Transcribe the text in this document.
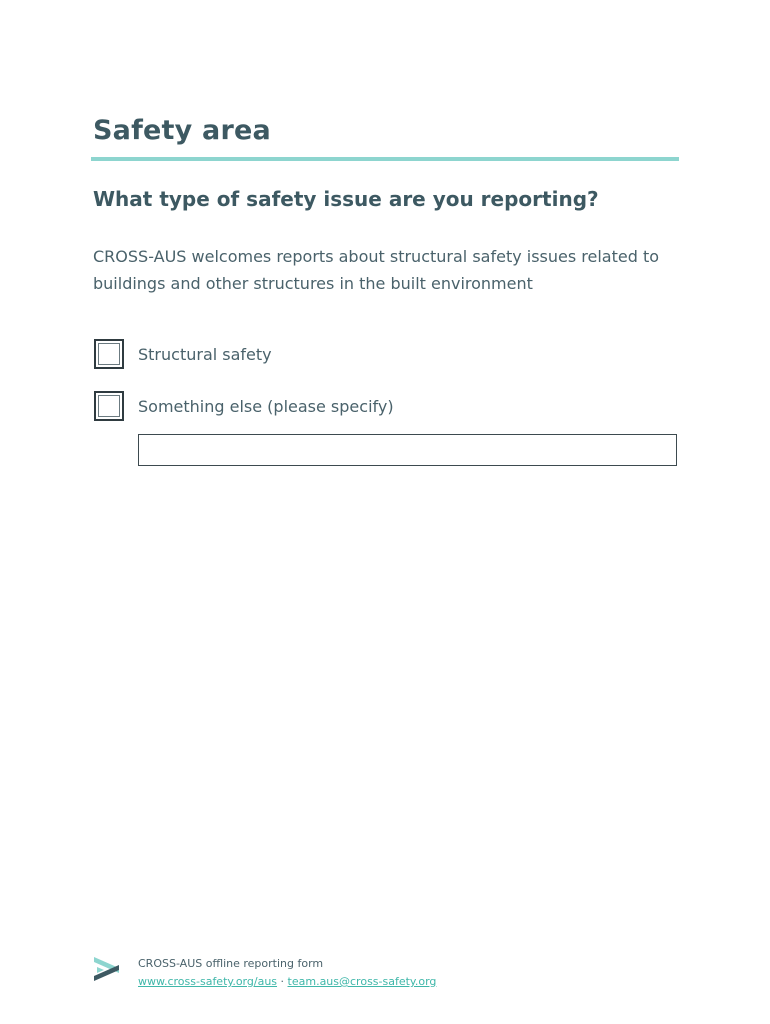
Safety area
What type of safety issue are you reporting?
CROSS-AUS welcomes reports about structural safety issues related to buildings and other structures in the built environment
Structural safety
Something else (please specify)
CROSS-AUS offline reporting form
www.cross-safety.org/aus · team.aus@cross-safety.org
